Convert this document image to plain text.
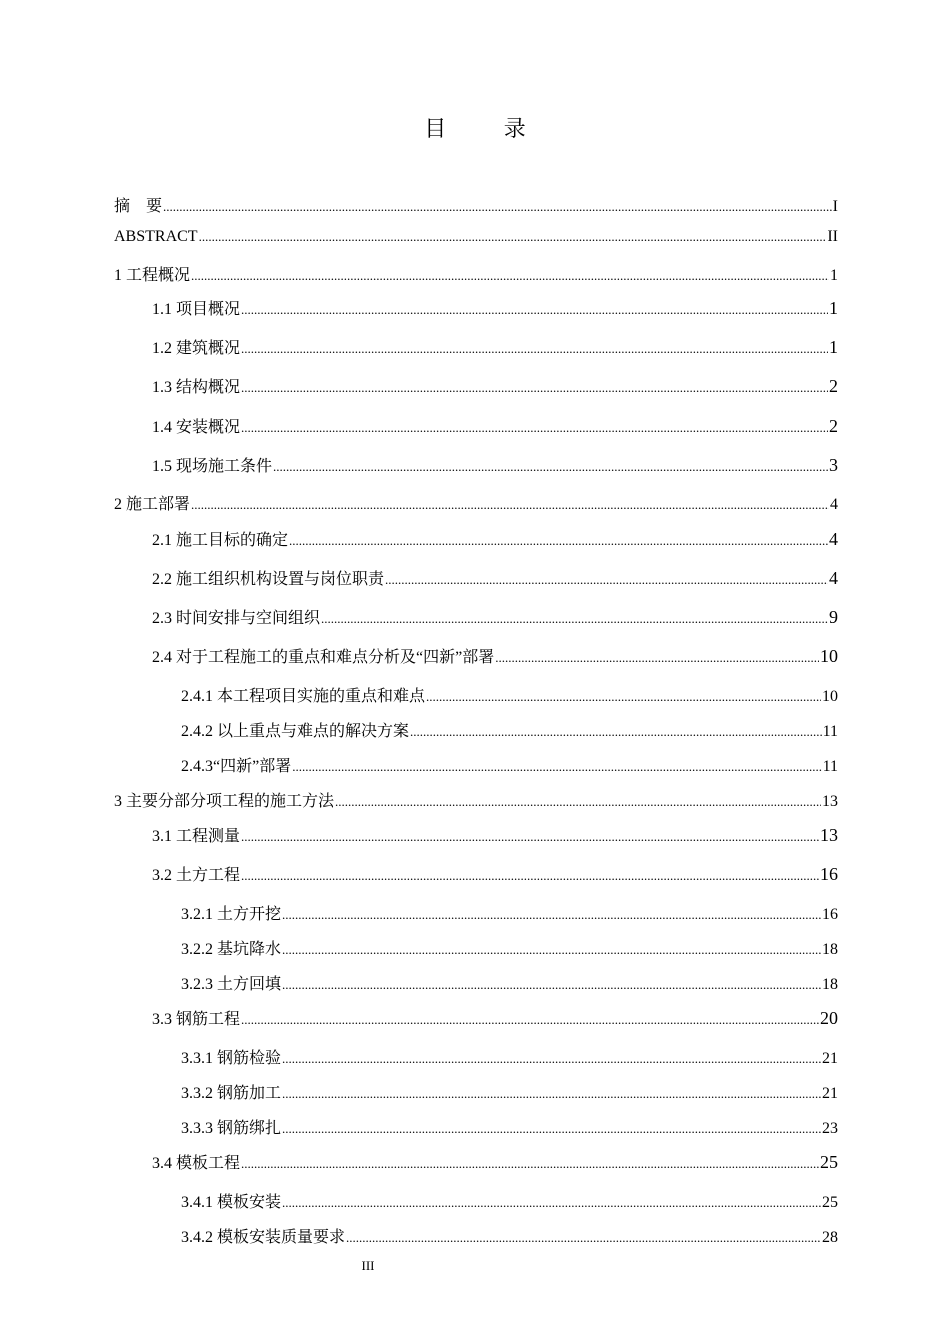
目 录
摘　要 .....	I
ABSTRACT .....	II
1 工程概况 .....	1
1.1 项目概况 .....	1
1.2 建筑概况 .....	1
1.3 结构概况 .....	2
1.4 安装概况 .....	2
1.5 现场施工条件 .....	3
2 施工部署 .....	4
2.1 施工目标的确定 .....	4
2.2 施工组织机构设置与岗位职责 .....	4
2.3 时间安排与空间组织 .....	9
2.4 对于工程施工的重点和难点分析及“四新”部署 .....	10
2.4.1 本工程项目实施的重点和难点 .....	10
2.4.2 以上重点与难点的解决方案 .....	11
2.4.3“四新”部署 .....	11
3 主要分部分项工程的施工方法 .....	13
3.1 工程测量 .....	13
3.2 土方工程 .....	16
3.2.1 土方开挖 .....	16
3.2.2 基坑降水 .....	18
3.2.3 土方回填 .....	18
3.3 钢筋工程 .....	20
3.3.1 钢筋检验 .....	21
3.3.2 钢筋加工 .....	21
3.3.3 钢筋绑扎 .....	23
3.4 模板工程 .....	25
3.4.1 模板安装 .....	25
3.4.2 模板安装质量要求 .....	28
III
